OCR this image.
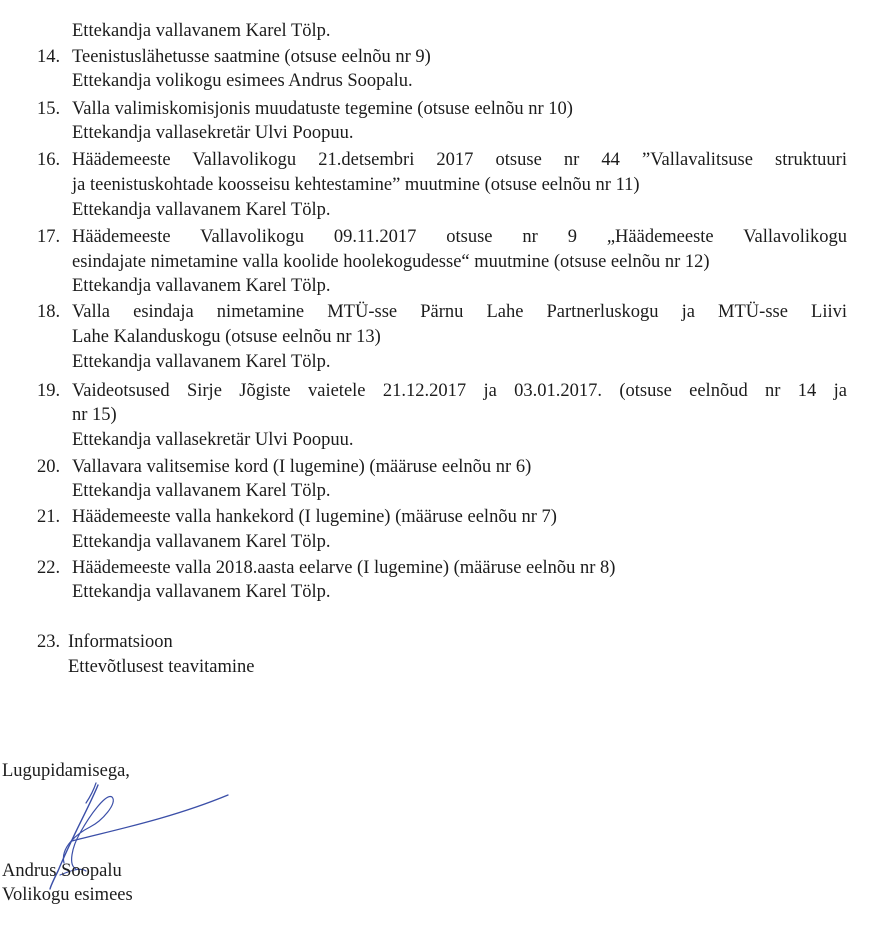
Ettekandja vallavanem Karel Tölp.
14. Teenistuslähetusse saatmine (otsuse eelnõu nr 9)
Ettekandja volikogu esimees Andrus Soopalu.
15. Valla valimiskomisjonis muudatuste tegemine (otsuse eelnõu nr 10)
Ettekandja vallasekretär Ulvi Poopuu.
16. Häädemeeste Vallavolikogu 21.detsembri 2017 otsuse nr 44 ”Vallavalitsuse struktuuri
ja teenistuskohtade koosseisu kehtestamine” muutmine (otsuse eelnõu nr 11)
Ettekandja vallavanem Karel Tölp.
17. Häädemeeste Vallavolikogu 09.11.2017 otsuse nr 9 „Häädemeeste Vallavolikogu
esindajate nimetamine valla koolide hoolekogudesse“ muutmine (otsuse eelnõu nr 12)
Ettekandja vallavanem Karel Tölp.
18. Valla esindaja nimetamine MTÜ-sse Pärnu Lahe Partnerluskogu ja MTÜ-sse Liivi
Lahe Kalanduskogu (otsuse eelnõu nr 13)
Ettekandja vallavanem Karel Tölp.
19. Vaideotsused Sirje Jõgiste vaietele 21.12.2017 ja 03.01.2017. (otsuse eelnõud nr 14 ja
nr 15)
Ettekandja vallasekretär Ulvi Poopuu.
20. Vallavara valitsemise kord (I lugemine) (määruse eelnõu nr 6)
Ettekandja vallavanem Karel Tölp.
21. Häädemeeste valla hankekord (I lugemine) (määruse eelnõu nr 7)
Ettekandja vallavanem Karel Tölp.
22. Häädemeeste valla 2018.aasta eelarve (I lugemine) (määruse eelnõu nr 8)
Ettekandja vallavanem Karel Tölp.
23. Informatsioon
Ettevõtlusest teavitamine
Lugupidamisega,
Andrus Soopalu
Volikogu esimees
